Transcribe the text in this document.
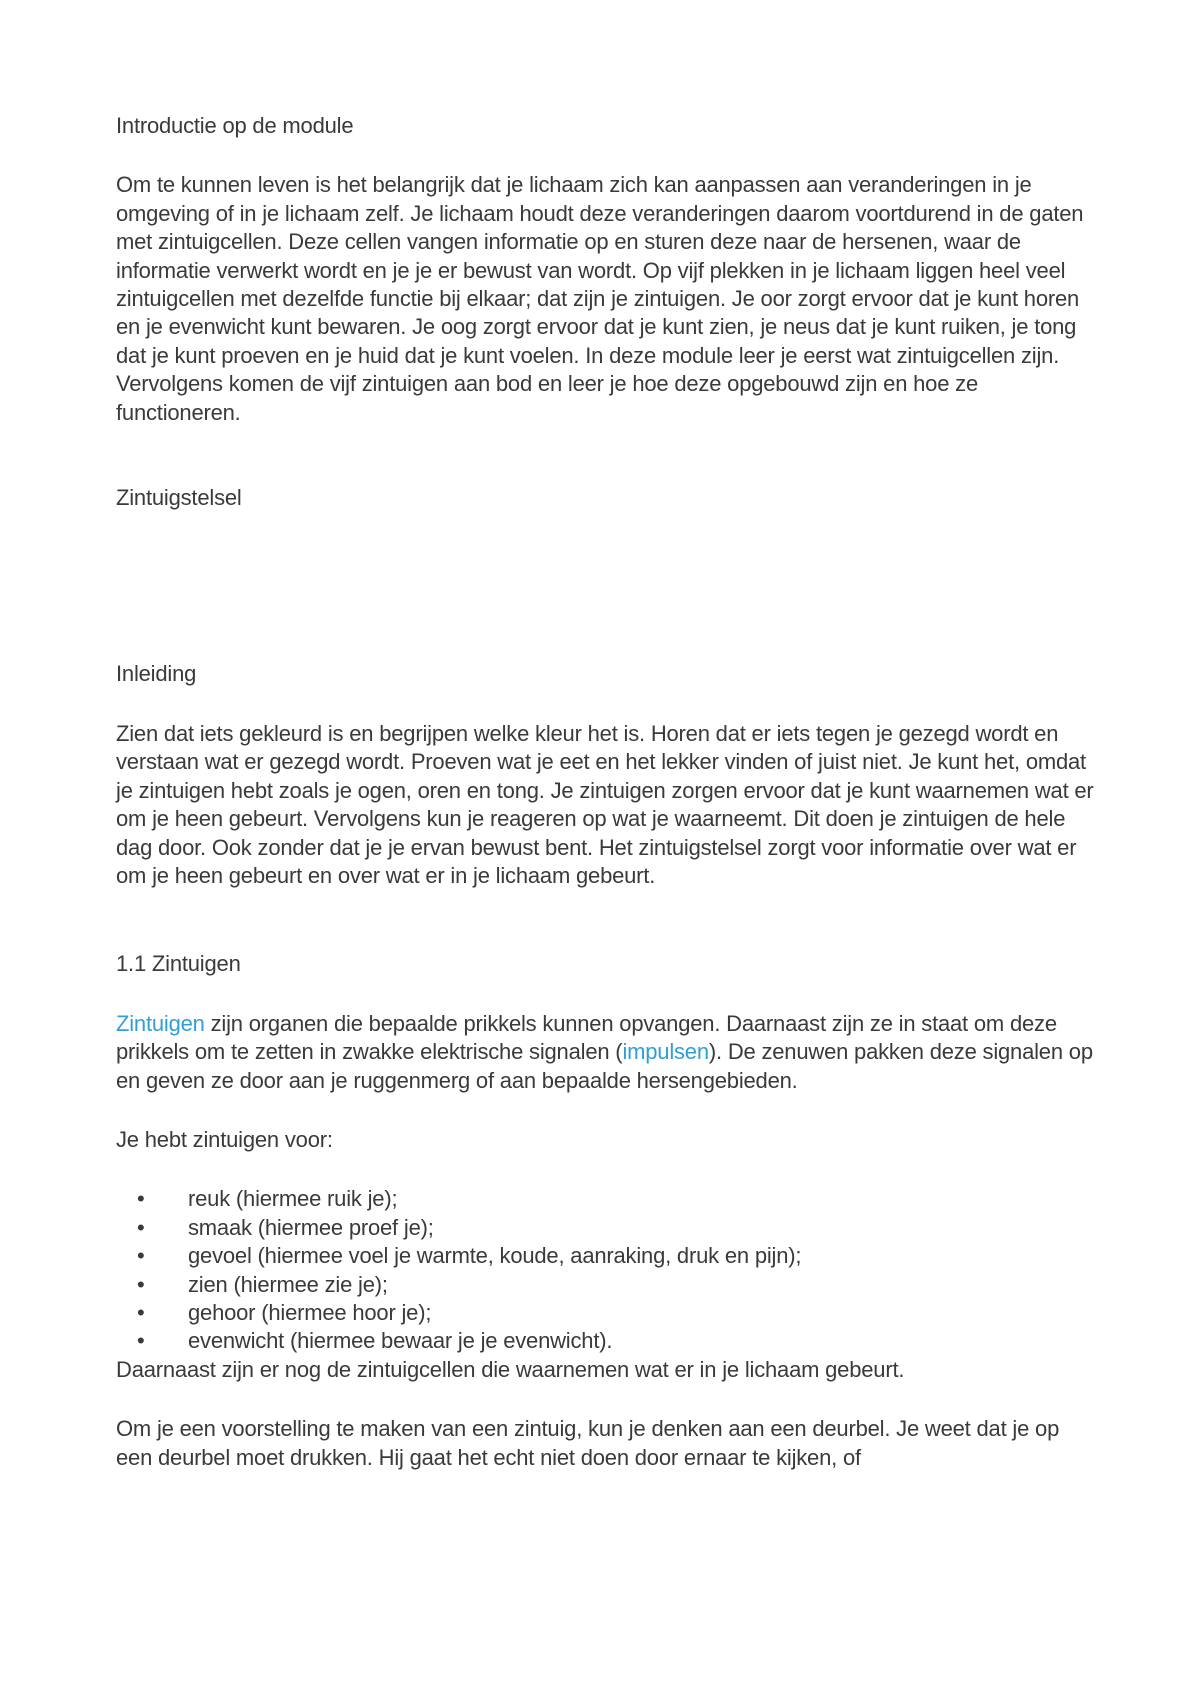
Introductie op de module

Om te kunnen leven is het belangrijk dat je lichaam zich kan aanpassen aan veranderingen in je omgeving of in je lichaam zelf. Je lichaam houdt deze veranderingen daarom voortdurend in de gaten met zintuigcellen. Deze cellen vangen informatie op en sturen deze naar de hersenen, waar de informatie verwerkt wordt en je je er bewust van wordt. Op vijf plekken in je lichaam liggen heel veel zintuigcellen met dezelfde functie bij elkaar; dat zijn je zintuigen. Je oor zorgt ervoor dat je kunt horen en je evenwicht kunt bewaren. Je oog zorgt ervoor dat je kunt zien, je neus dat je kunt ruiken, je tong dat je kunt proeven en je huid dat je kunt voelen. In deze module leer je eerst wat zintuigcellen zijn. Vervolgens komen de vijf zintuigen aan bod en leer je hoe deze opgebouwd zijn en hoe ze functioneren.

Zintuigstelsel
Inleiding

Zien dat iets gekleurd is en begrijpen welke kleur het is. Horen dat er iets tegen je gezegd wordt en verstaan wat er gezegd wordt. Proeven wat je eet en het lekker vinden of juist niet. Je kunt het, omdat je zintuigen hebt zoals je ogen, oren en tong. Je zintuigen zorgen ervoor dat je kunt waarnemen wat er om je heen gebeurt. Vervolgens kun je reageren op wat je waarneemt. Dit doen je zintuigen de hele dag door. Ook zonder dat je je ervan bewust bent. Het zintuigstelsel zorgt voor informatie over wat er om je heen gebeurt en over wat er in je lichaam gebeurt.

1.1 Zintuigen

Zintuigen zijn organen die bepaalde prikkels kunnen opvangen. Daarnaast zijn ze in staat om deze prikkels om te zetten in zwakke elektrische signalen (impulsen). De zenuwen pakken deze signalen op en geven ze door aan je ruggenmerg of aan bepaalde hersengebieden.

Je hebt zintuigen voor:

• reuk (hiermee ruik je);
• smaak (hiermee proef je);
• gevoel (hiermee voel je warmte, koude, aanraking, druk en pijn);
• zien (hiermee zie je);
• gehoor (hiermee hoor je);
• evenwicht (hiermee bewaar je je evenwicht).

Daarnaast zijn er nog de zintuigcellen die waarnemen wat er in je lichaam gebeurt.

Om je een voorstelling te maken van een zintuig, kun je denken aan een deurbel. Je weet dat je op een deurbel moet drukken. Hij gaat het echt niet doen door ernaar te kijken, of
